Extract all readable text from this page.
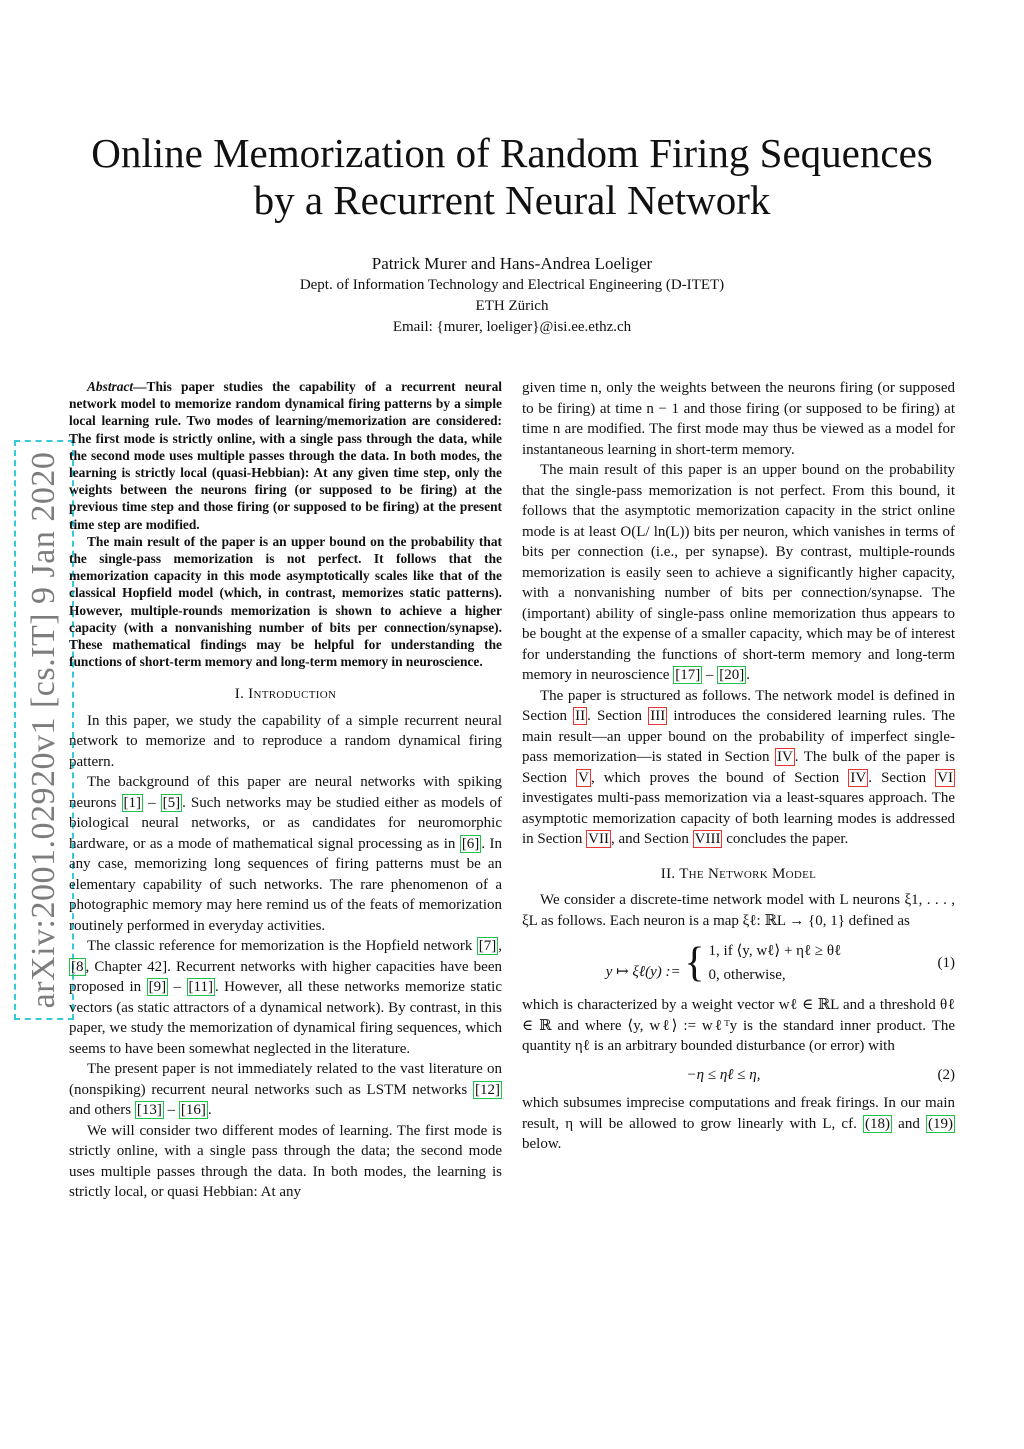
Online Memorization of Random Firing Sequences
by a Recurrent Neural Network
Patrick Murer and Hans-Andrea Loeliger
Dept. of Information Technology and Electrical Engineering (D-ITET)
ETH Zürich
Email: {murer, loeliger}@isi.ee.ethz.ch
arXiv:2001.02920v1 [cs.IT] 9 Jan 2020

Abstract—This paper studies the capability of a recurrent neural network model to memorize random dynamical firing patterns by a simple local learning rule. Two modes of learning/memorization are considered: The first mode is strictly online, with a single pass through the data, while the second mode uses multiple passes through the data. In both modes, the learning is strictly local (quasi-Hebbian): At any given time step, only the weights between the neurons firing (or supposed to be firing) at the previous time step and those firing (or supposed to be firing) at the present time step are modified.

The main result of the paper is an upper bound on the probability that the single-pass memorization is not perfect. It follows that the memorization capacity in this mode asymptotically scales like that of the classical Hopfield model (which, in contrast, memorizes static patterns). However, multiple-rounds memorization is shown to achieve a higher capacity (with a nonvanishing number of bits per connection/synapse). These mathematical findings may be helpful for understanding the functions of short-term memory and long-term memory in neuroscience.

I. Introduction

In this paper, we study the capability of a simple recurrent neural network to memorize and to reproduce a random dynamical firing pattern.

The background of this paper are neural networks with spiking neurons [1] – [5] . Such networks may be studied either as models of biological neural networks, or as candidates for neuromorphic hardware, or as a mode of mathematical signal processing as in [6] . In any case, memorizing long sequences of firing patterns must be an elementary capability of such networks. The rare phenomenon of a photographic memory may here remind us of the feats of memorization routinely performed in everyday activities.

The classic reference for memorization is the Hopfield network [7] , [8 , Chapter 42]. Recurrent networks with higher capacities have been proposed in [9] – [11] . However, all these networks memorize static vectors (as static attractors of a dynamical network). By contrast, in this paper, we study the memorization of dynamical firing sequences, which seems to have been somewhat neglected in the literature.

The present paper is not immediately related to the vast literature on (nonspiking) recurrent neural networks such as LSTM networks [12] and others [13] – [16] .

We will consider two different modes of learning. The first mode is strictly online, with a single pass through the data; the second mode uses multiple passes through the data. In both modes, the learning is strictly local, or quasi Hebbian: At any

given time n, only the weights between the neurons firing (or supposed to be firing) at time n − 1 and those firing (or supposed to be firing) at time n are modified. The first mode may thus be viewed as a model for instantaneous learning in short-term memory.

The main result of this paper is an upper bound on the probability that the single-pass memorization is not perfect. From this bound, it follows that the asymptotic memorization capacity in the strict online mode is at least O(L/ ln(L)) bits per neuron, which vanishes in terms of bits per connection (i.e., per synapse). By contrast, multiple-rounds memorization is easily seen to achieve a significantly higher capacity, with a nonvanishing number of bits per connection/synapse. The (important) ability of single-pass online memorization thus appears to be bought at the expense of a smaller capacity, which may be of interest for understanding the functions of short-term memory and long-term memory in neuroscience [17] – [20] .

The paper is structured as follows. The network model is defined in Section II . Section III introduces the considered learning rules. The main result—an upper bound on the probability of imperfect single-pass memorization—is stated in Section IV . The bulk of the paper is Section V , which proves the bound of Section IV . Section VI investigates multi-pass memorization via a least-squares approach. The asymptotic memorization capacity of both learning modes is addressed in Section VII , and Section VIII concludes the paper.

II. The Network Model

We consider a discrete-time network model with L neurons ξ1, . . . , ξL as follows. Each neuron is a map ξℓ: ℝL → {0, 1} defined as

y ↦ ξℓ(y) := { 1, if ⟨y, wℓ⟩ + ηℓ ≥ θℓ
0, otherwise,
(1)

which is characterized by a weight vector wℓ ∈ ℝL and a threshold θℓ ∈ ℝ and where ⟨y, wℓ⟩ := wℓᵀy is the standard inner product. The quantity ηℓ is an arbitrary bounded disturbance (or error) with

−η ≤ ηℓ ≤ η,	(2)

which subsumes imprecise computations and freak firings. In our main result, η will be allowed to grow linearly with L, cf. (18) and (19) below.
